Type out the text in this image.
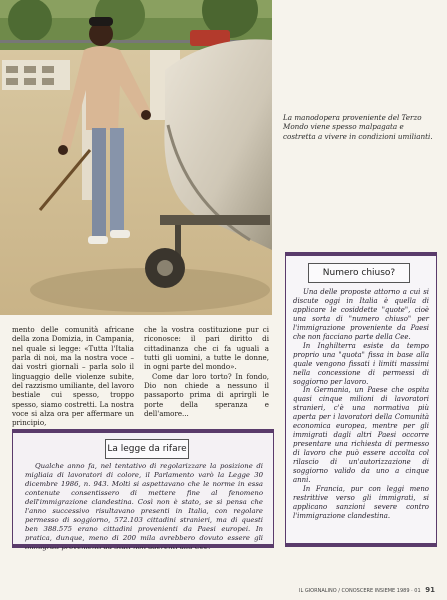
La manodopera proveniente del Terzo Mondo viene spesso malpagata e costretta a vivere in condizioni umilianti.

mento delle comunità africane della zona Domizia, in Campania, nel quale si legge: «Tutta l'Italia parla di noi, ma la nostra voce – dai vostri giornali – parla solo il linguaggio delle violenze subite, del razzismo umiliante, del lavoro bestiale cui spesso, troppo spesso, siamo costretti. La nostra voce si alza ora per affermare un principio,

che la vostra costituzione pur ci riconosce: il pari diritto di cittadinanza che ci fa uguali a tutti gli uomini, a tutte le donne, in ogni parte del mondo».

Come dar loro torto? In fondo, Dio non chiede a nessuno il passaporto prima di aprirgli le porte della speranza e dell'amore...

Numero chiuso?

Una delle proposte attorno a cui si discute oggi in Italia è quella di applicare le cosiddette "quote", cioè una sorta di "numero chiuso" per l'immigrazione proveniente da Paesi che non facciano parte della Cee.

In Inghilterra esiste da tempo proprio una "quota" fissa in base alla quale vengono fissati i limiti massimi nella concessione di permessi di soggiorno per lavoro.

In Germania, un Paese che ospita quasi cinque milioni di lavoratori stranieri, c'è una normativa più aperta per i lavoratori della Comunità economica europea, mentre per gli immigrati dagli altri Paesi occorre presentare una richiesta di permesso di lavoro che può essere accolta col rilascio di un'autorizzazione di soggiorno valido da uno a cinque anni.

In Francia, pur con leggi meno restrittive verso gli immigrati, si applicano sanzioni severe contro l'immigrazione clandestina.

La legge da rifare

Qualche anno fa, nel tentativo di regolarizzare la posizione di migliaia di lavoratori di colore, il Parlamento varò la Legge 30 dicembre 1986, n. 943. Molti si aspettavano che le norme in essa contenute consentissero di mettere fine al fenomeno dell'immigrazione clandestina. Così non è stato, se si pensa che l'anno successivo risultavano presenti in Italia, con regolare permesso di soggiorno, 572.103 cittadini stranieri, ma di questi ben 388.575 erano cittadini provenienti da Paesi europei. In pratica, dunque, meno di 200 mila avrebbero dovuto essere gli

IL GIORNALINO / CONOSCERE INSIEME 1989 · 01 91
